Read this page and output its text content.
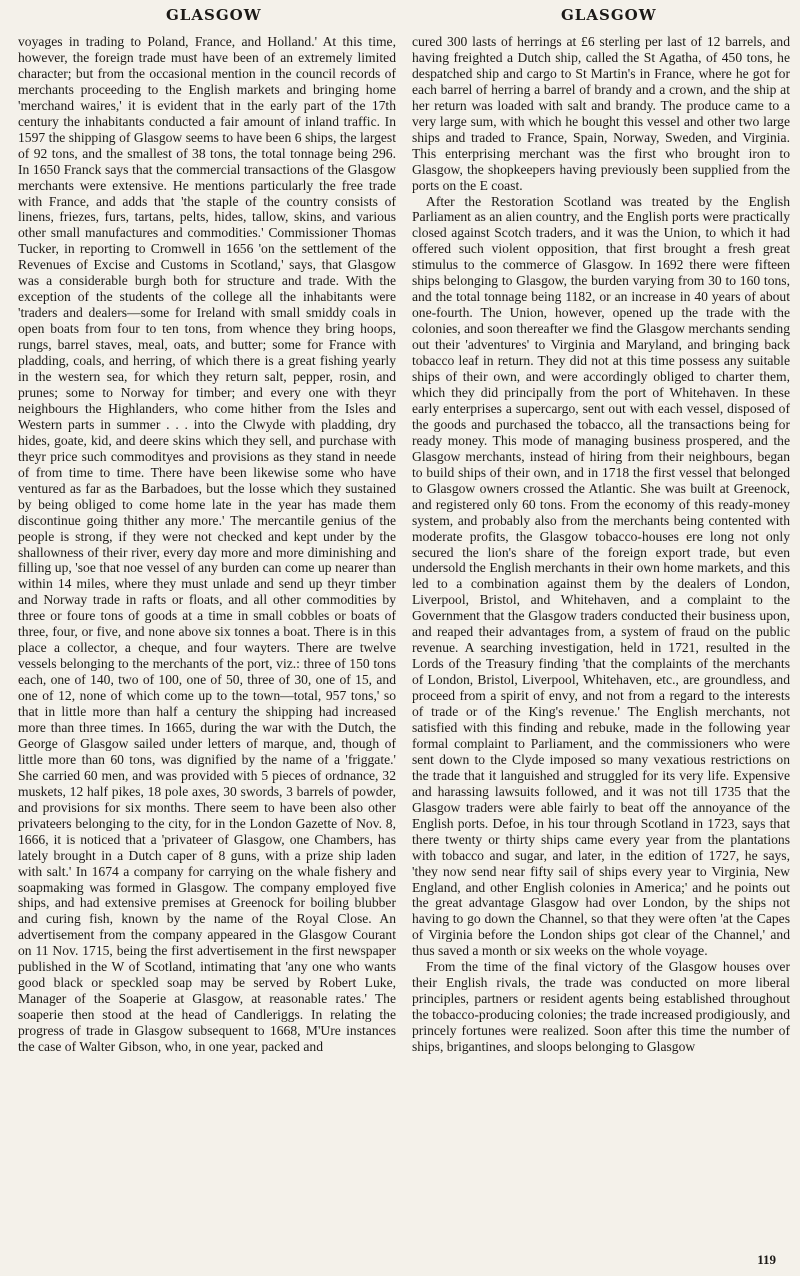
GLASGOW	GLASGOW

voyages in trading to Poland, France, and Holland.' At this time, however, the foreign trade must have been of an extremely limited character; but from the occasional mention in the council records of merchants proceeding to the English markets and bringing home 'merchand waires,' it is evident that in the early part of the 17th century the inhabitants conducted a fair amount of inland traffic. In 1597 the shipping of Glasgow seems to have been 6 ships, the largest of 92 tons, and the smallest of 38 tons, the total tonnage being 296. In 1650 Franck says that the commercial transactions of the Glasgow merchants were extensive. He mentions particularly the free trade with France, and adds that 'the staple of the country consists of linens, friezes, furs, tartans, pelts, hides, tallow, skins, and various other small manufactures and commodities.' Commissioner Thomas Tucker, in reporting to Cromwell in 1656 'on the settlement of the Revenues of Excise and Customs in Scotland,' says, that Glasgow was a considerable burgh both for structure and trade. With the exception of the students of the college all the inhabitants were 'traders and dealers—some for Ireland with small smiddy coals in open boats from four to ten tons, from whence they bring hoops, rungs, barrel staves, meal, oats, and butter; some for France with pladding, coals, and herring, of which there is a great fishing yearly in the western sea, for which they return salt, pepper, rosin, and prunes; some to Norway for timber; and every one with theyr neighbours the Highlanders, who come hither from the Isles and Western parts in summer . . . into the Clwyde with pladding, dry hides, goate, kid, and deere skins which they sell, and purchase with theyr price such commodityes and provisions as they stand in neede of from time to time. There have been likewise some who have ventured as far as the Barbadoes, but the losse which they sustained by being obliged to come home late in the year has made them discontinue going thither any more.' The mercantile genius of the people is strong, if they were not checked and kept under by the shallowness of their river, every day more and more diminishing and filling up, 'soe that noe vessel of any burden can come up nearer than within 14 miles, where they must unlade and send up theyr timber and Norway trade in rafts or floats, and all other commodities by three or foure tons of goods at a time in small cobbles or boats of three, four, or five, and none above six tonnes a boat. There is in this place a collector, a cheque, and four wayters. There are twelve vessels belonging to the merchants of the port, viz.: three of 150 tons each, one of 140, two of 100, one of 50, three of 30, one of 15, and one of 12, none of which come up to the town—total, 957 tons,' so that in little more than half a century the shipping had increased more than three times. In 1665, during the war with the Dutch, the George of Glasgow sailed under letters of marque, and, though of little more than 60 tons, was dignified by the name of a 'friggate.' She carried 60 men, and was provided with 5 pieces of ordnance, 32 muskets, 12 half pikes, 18 pole axes, 30 swords, 3 barrels of powder, and provisions for six months. There seem to have been also other privateers belonging to the city, for in the London Gazette of Nov. 8, 1666, it is noticed that a 'privateer of Glasgow, one Chambers, has lately brought in a Dutch caper of 8 guns, with a prize ship laden with salt.' In 1674 a company for carrying on the whale fishery and soapmaking was formed in Glasgow. The company employed five ships, and had extensive premises at Greenock for boiling blubber and curing fish, known by the name of the Royal Close. An advertisement from the company appeared in the Glasgow Courant on 11 Nov. 1715, being the first advertisement in the first newspaper published in the W of Scotland, intimating that 'any one who wants good black or speckled soap may be served by Robert Luke, Manager of the Soaperie at Glasgow, at reasonable rates.' The soaperie then stood at the head of Candleriggs. In relating the progress of trade in Glasgow subsequent to 1668, M'Ure instances the case of Walter Gibson, who, in one year, packed and

cured 300 lasts of herrings at £6 sterling per last of 12 barrels, and having freighted a Dutch ship, called the St Agatha, of 450 tons, he despatched ship and cargo to St Martin's in France, where he got for each barrel of herring a barrel of brandy and a crown, and the ship at her return was loaded with salt and brandy. The produce came to a very large sum, with which he bought this vessel and other two large ships and traded to France, Spain, Norway, Sweden, and Virginia. This enterprising merchant was the first who brought iron to Glasgow, the shopkeepers having previously been supplied from the ports on the E coast.

After the Restoration Scotland was treated by the English Parliament as an alien country, and the English ports were practically closed against Scotch traders, and it was the Union, to which it had offered such violent opposition, that first brought a fresh great stimulus to the commerce of Glasgow. In 1692 there were fifteen ships belonging to Glasgow, the burden varying from 30 to 160 tons, and the total tonnage being 1182, or an increase in 40 years of about one-fourth. The Union, however, opened up the trade with the colonies, and soon thereafter we find the Glasgow merchants sending out their 'adventures' to Virginia and Maryland, and bringing back tobacco leaf in return. They did not at this time possess any suitable ships of their own, and were accordingly obliged to charter them, which they did principally from the port of Whitehaven. In these early enterprises a supercargo, sent out with each vessel, disposed of the goods and purchased the tobacco, all the transactions being for ready money. This mode of managing business prospered, and the Glasgow merchants, instead of hiring from their neighbours, began to build ships of their own, and in 1718 the first vessel that belonged to Glasgow owners crossed the Atlantic. She was built at Greenock, and registered only 60 tons. From the economy of this ready-money system, and probably also from the merchants being contented with moderate profits, the Glasgow tobacco-houses ere long not only secured the lion's share of the foreign export trade, but even undersold the English merchants in their own home markets, and this led to a combination against them by the dealers of London, Liverpool, Bristol, and Whitehaven, and a complaint to the Government that the Glasgow traders conducted their business upon, and reaped their advantages from, a system of fraud on the public revenue. A searching investigation, held in 1721, resulted in the Lords of the Treasury finding 'that the complaints of the merchants of London, Bristol, Liverpool, Whitehaven, etc., are groundless, and proceed from a spirit of envy, and not from a regard to the interests of trade or of the King's revenue.' The English merchants, not satisfied with this finding and rebuke, made in the following year formal complaint to Parliament, and the commissioners who were sent down to the Clyde imposed so many vexatious restrictions on the trade that it languished and struggled for its very life. Expensive and harassing lawsuits followed, and it was not till 1735 that the Glasgow traders were able fairly to beat off the annoyance of the English ports. Defoe, in his tour through Scotland in 1723, says that there twenty or thirty ships came every year from the plantations with tobacco and sugar, and later, in the edition of 1727, he says, 'they now send near fifty sail of ships every year to Virginia, New England, and other English colonies in America;' and he points out the great advantage Glasgow had over London, by the ships not having to go down the Channel, so that they were often 'at the Capes of Virginia before the London ships got clear of the Channel,' and thus saved a month or six weeks on the whole voyage.

From the time of the final victory of the Glasgow houses over their English rivals, the trade was conducted on more liberal principles, partners or resident agents being established throughout the tobacco-producing colonies; the trade increased prodigiously, and princely fortunes were realized. Soon after this time the number of ships, brigantines, and sloops belonging to Glasgow

119
